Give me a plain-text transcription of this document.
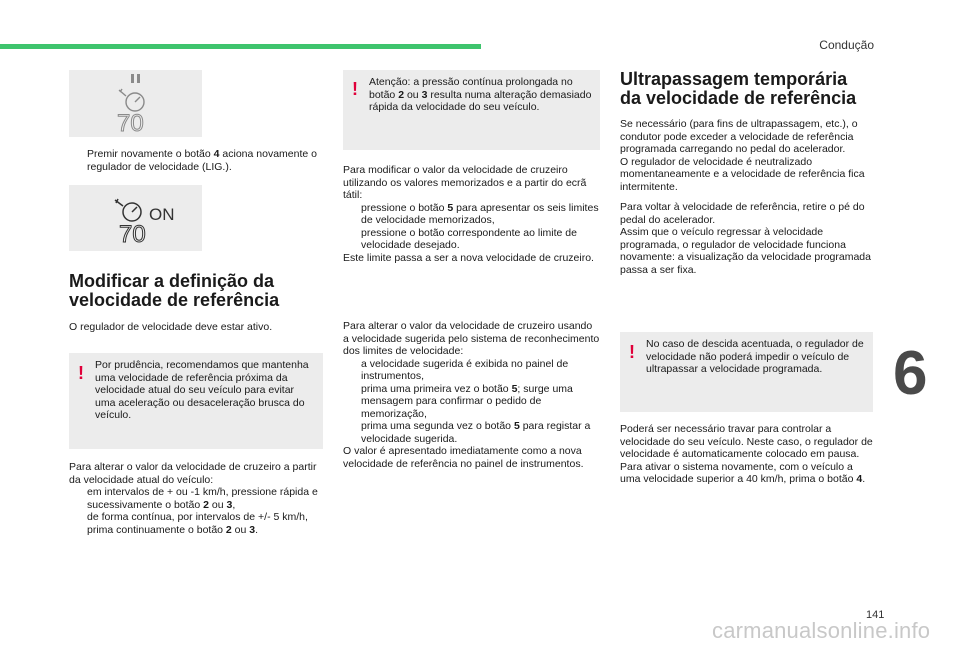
Condução
6
141
carmanualsonline.info
70
Premir novamente o botão 4 aciona novamente o regulador de velocidade (LIG.).
ON
70
Modificar a definição da
velocidade de referência

O regulador de velocidade deve estar ativo.

! Por prudência, recomendamos que mantenha uma velocidade de referência próxima da velocidade atual do seu veículo para evitar uma aceleração ou desaceleração brusca do veículo.

Para alterar o valor da velocidade de cruzeiro a partir da velocidade atual do veículo:

em intervalos de + ou -1 km/h, pressione rápida e sucessivamente o botão 2 ou 3,
de forma contínua, por intervalos de +/- 5 km/h, prima continuamente o botão 2 ou 3.
! Atenção: a pressão contínua prolongada no botão 2 ou 3 resulta numa alteração demasiado rápida da velocidade do seu veículo.
Para modificar o valor da velocidade de cruzeiro utilizando os valores memorizados e a partir do ecrã tátil:
pressione o botão 5 para apresentar os seis limites de velocidade memorizados,
pressione o botão correspondente ao limite de velocidade desejado.
Este limite passa a ser a nova velocidade de cruzeiro.
Para alterar o valor da velocidade de cruzeiro usando a velocidade sugerida pelo sistema de reconhecimento dos limites de velocidade:
a velocidade sugerida é exibida no painel de instrumentos,
prima uma primeira vez o botão 5; surge uma mensagem para confirmar o pedido de memorização,
prima uma segunda vez o botão 5 para registar a velocidade sugerida.
O valor é apresentado imediatamente como a nova velocidade de referência no painel de instrumentos.
Ultrapassagem temporária
da velocidade de referência
Se necessário (para fins de ultrapassagem, etc.), o condutor pode exceder a velocidade de referência programada carregando no pedal do acelerador.
O regulador de velocidade é neutralizado momentaneamente e a velocidade de referência fica intermitente.
Para voltar à velocidade de referência, retire o pé do pedal do acelerador.
Assim que o veículo regressar à velocidade programada, o regulador de velocidade funciona novamente: a visualização da velocidade programada passa a ser fixa.
! No caso de descida acentuada, o regulador de velocidade não poderá impedir o veículo de ultrapassar a velocidade programada.
Poderá ser necessário travar para controlar a velocidade do seu veículo. Neste caso, o regulador de velocidade é automaticamente colocado em pausa.
Para ativar o sistema novamente, com o veículo a uma velocidade superior a 40 km/h, prima o botão 4.
